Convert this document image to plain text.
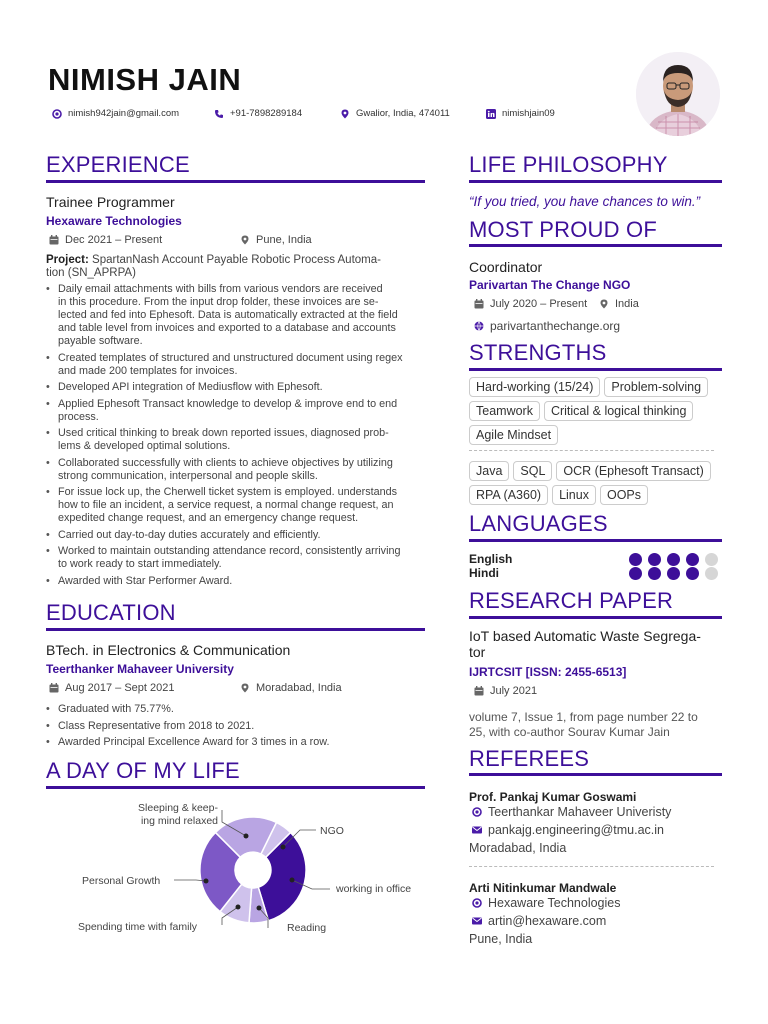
NIMISH JAIN
nimish942jain@gmail.com	+91-7898289184	Gwalior, India, 474011	nimishjain09
EXPERIENCE
Trainee Programmer
Hexaware Technologies
Dec 2021 – Present	Pune, India
Project: SpartanNash Account Payable Robotic Process Automa-
tion (SN_APRPA)
• Daily email attachments with bills from various vendors are received
in this procedure. From the input drop folder, these invoices are se-
lected and fed into Ephesoft. Data is automatically extracted at the field
and table level from invoices and exported to a database and accounts
payable software.
• Created templates of structured and unstructured document using regex
and made 200 templates for invoices.
• Developed API integration of Mediusflow with Ephesoft.
• Applied Ephesoft Transact knowledge to develop & improve end to end
process.
• Used critical thinking to break down reported issues, diagnosed prob-
lems & developed optimal solutions.
• Collaborated successfully with clients to achieve objectives by utilizing
strong communication, interpersonal and people skills.
• For issue lock up, the Cherwell ticket system is employed. understands
how to file an incident, a service request, a normal change request, an
expedited change request, and an emergency change request.
• Carried out day-to-day duties accurately and efficiently.
• Worked to maintain outstanding attendance record, consistently arriving
to work ready to start immediately.
• Awarded with Star Performer Award.
EDUCATION
BTech. in Electronics & Communication
Teerthanker Mahaveer University
Aug 2017 – Sept 2021	Moradabad, India
• Graduated with 75.77%.
• Class Representative from 2018 to 2021.
• Awarded Principal Excellence Award for 3 times in a row.
A DAY OF MY LIFE
Sleeping & keep-
ing mind relaxed
NGO
Personal Growth
working in office
Spending time with family	Reading
LIFE PHILOSOPHY
“If you tried, you have chances to win.”
MOST PROUD OF
Coordinator
Parivartan The Change NGO
July 2020 – Present	India
parivartanthechange.org
STRENGTHS
Hard-working (15/24) Problem-solving
Teamwork Critical & logical thinking
Agile Mindset
Java SQL OCR (Ephesoft Transact)
RPA (A360) Linux OOPs
LANGUAGES
English
Hindi
RESEARCH PAPER
IoT based Automatic Waste Segrega-
tor
IJRTCSIT [ISSN: 2455-6513]
July 2021
volume 7, Issue 1, from page number 22 to
25, with co-author Sourav Kumar Jain
REFEREES
Prof. Pankaj Kumar Goswami
Teerthankar Mahaveer Univeristy
pankajg.engineering@tmu.ac.in
Moradabad, India
Arti Nitinkumar Mandwale
Hexaware Technologies
artin@hexaware.com
Pune, India
